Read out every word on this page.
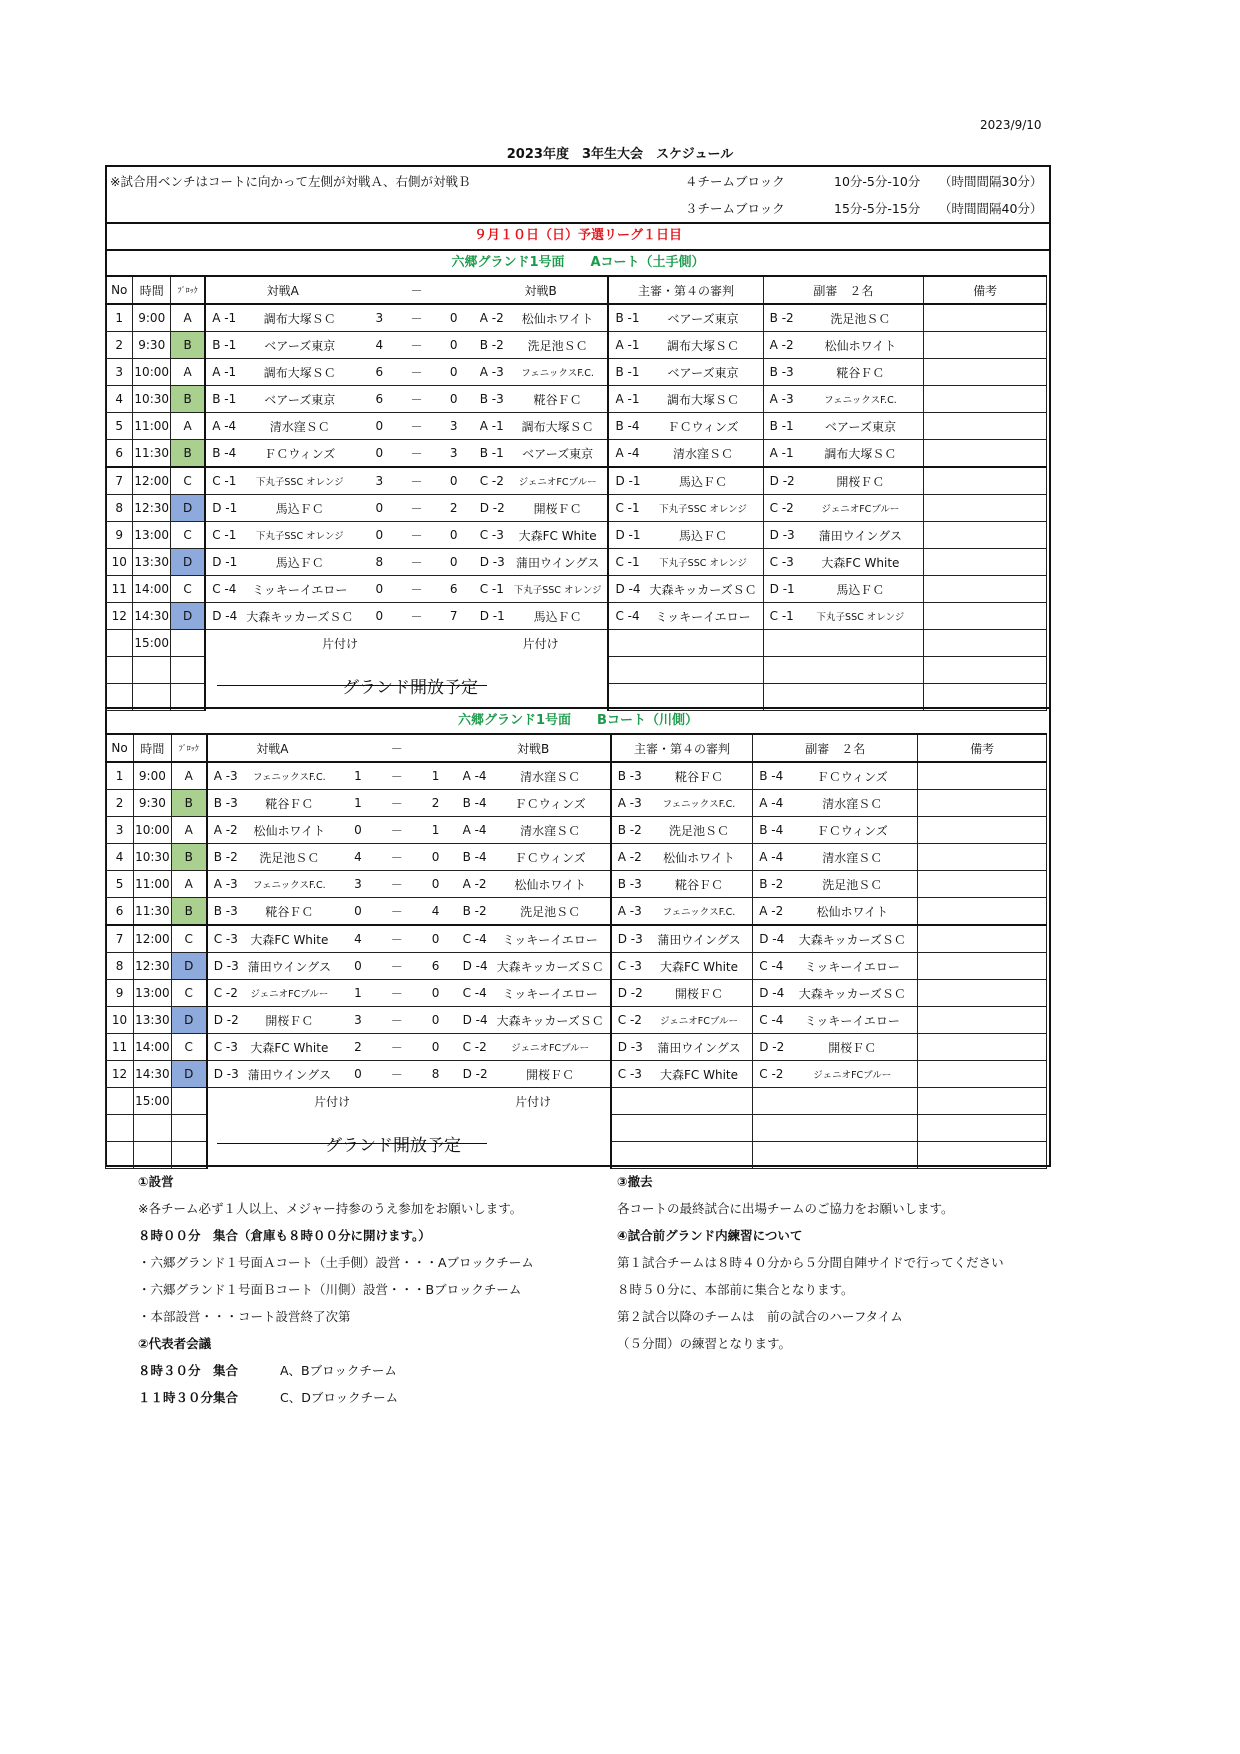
2023/9/10
2023年度　3年生大会　スケジュール
※試合用ベンチはコートに向かって左側が対戦Ａ、右側が対戦Ｂ	４チームブロック	10分-5分-10分 （時間間隔30分）
３チームブロック	15分-5分-15分 （時間間隔40分）
９月１０日（日）予選リーグ１日目
六郷グランド1号面　　Aコート（土手側）
No	時間	ﾌﾞﾛｯｸ	対戦A		－		対戦B	主審・第４の審判	副審　２名	備考
1	9:00	A	A -1 調布大塚ＳＣ	3	－	0	A -2 松仙ホワイト	B -1 ベアーズ東京	B -2 洗足池ＳＣ	

2	9:30	B	B -1 ベアーズ東京	4	－	0	B -2 洗足池ＳＣ	A -1 調布大塚ＳＣ	A -2 松仙ホワイト	

3	10:00	A	A -1 調布大塚ＳＣ	6	－	0	A -3 フェニックスF.C.	B -1 ベアーズ東京	B -3 糀谷ＦＣ	

4	10:30	B	B -1 ベアーズ東京	6	－	0	B -3 糀谷ＦＣ	A -1 調布大塚ＳＣ	A -3 フェニックスF.C.	

5	11:00	A	A -4 清水窪ＳＣ	0	－	3	A -1 調布大塚ＳＣ	B -4 ＦＣウィンズ	B -1 ベアーズ東京	

6	11:30	B	B -4 ＦＣウィンズ	0	－	3	B -1 ベアーズ東京	A -4 清水窪ＳＣ	A -1 調布大塚ＳＣ	

7	12:00	C	C -1 下丸子SSC オレンジ	3	－	0	C -2 ジェニオFCブルー	D -1 馬込ＦＣ	D -2 開桜ＦＣ	

8	12:30	D	D -1 馬込ＦＣ	0	－	2	D -2 開桜ＦＣ	C -1 下丸子SSC オレンジ	C -2 ジェニオFCブルー	

9	13:00	C	C -1 下丸子SSC オレンジ	0	－	0	C -3 大森FC White	D -1 馬込ＦＣ	D -3 蒲田ウイングス	

10	13:30	D	D -1 馬込ＦＣ	8	－	0	D -3 蒲田ウイングス	C -1 下丸子SSC オレンジ	C -3 大森FC White	

11	14:00	C	C -4 ミッキーイエロー	0	－	6	C -1 下丸子SSC オレンジ	D -4 大森キッカーズＳＣ	D -1 馬込ＦＣ	

12	14:30	D	D -4 大森キッカーズＳＣ	0	－	7	D -1 馬込ＦＣ	C -4 ミッキーイエロー	C -1 下丸子SSC オレンジ	

	15:00		片付け				片付け			

グランド開放予定
六郷グランド1号面　　Bコート（川側）
No	時間	ﾌﾞﾛｯｸ	対戦A		－		対戦B	主審・第４の審判	副審　２名	備考
1	9:00	A	A -3 フェニックスF.C.	1	－	1	A -4 清水窪ＳＣ	B -3 糀谷ＦＣ	B -4 ＦＣウィンズ	

2	9:30	B	B -3 糀谷ＦＣ	1	－	2	B -4 ＦＣウィンズ	A -3 フェニックスF.C.	A -4 清水窪ＳＣ	

3	10:00	A	A -2 松仙ホワイト	0	－	1	A -4 清水窪ＳＣ	B -2 洗足池ＳＣ	B -4 ＦＣウィンズ	

4	10:30	B	B -2 洗足池ＳＣ	4	－	0	B -4 ＦＣウィンズ	A -2 松仙ホワイト	A -4 清水窪ＳＣ	

5	11:00	A	A -3 フェニックスF.C.	3	－	0	A -2 松仙ホワイト	B -3 糀谷ＦＣ	B -2 洗足池ＳＣ	

6	11:30	B	B -3 糀谷ＦＣ	0	－	4	B -2 洗足池ＳＣ	A -3 フェニックスF.C.	A -2 松仙ホワイト	

7	12:00	C	C -3 大森FC White	4	－	0	C -4 ミッキーイエロー	D -3 蒲田ウイングス	D -4 大森キッカーズＳＣ	

8	12:30	D	D -3 蒲田ウイングス	0	－	6	D -4 大森キッカーズＳＣ	C -3 大森FC White	C -4 ミッキーイエロー	

9	13:00	C	C -2 ジェニオFCブルー	1	－	0	C -4 ミッキーイエロー	D -2 開桜ＦＣ	D -4 大森キッカーズＳＣ	

10	13:30	D	D -2 開桜ＦＣ	3	－	0	D -4 大森キッカーズＳＣ	C -2 ジェニオFCブルー	C -4 ミッキーイエロー	

11	14:00	C	C -3 大森FC White	2	－	0	C -2 ジェニオFCブルー	D -3 蒲田ウイングス	D -2 開桜ＦＣ	

12	14:30	D	D -3 蒲田ウイングス	0	－	8	D -2 開桜ＦＣ	C -3 大森FC White	C -2 ジェニオFCブルー	

	15:00		片付け				片付け			

グランド開放予定
①設営
※各チーム必ず１人以上、メジャー持参のうえ参加をお願いします。
８時００分　集合（倉庫も８時００分に開けます。）
・六郷グランド１号面Ａコート（土手側）設営・・・Aブロックチーム
・六郷グランド１号面Ｂコート（川側）設営・・・Bブロックチーム
・本部設営・・・コート設営終了次第
②代表者会議
８時３０分　集合	A、Bブロックチーム
１１時３０分集合	C、Dブロックチーム
③撤去
各コートの最終試合に出場チームのご協力をお願いします。
④試合前グランド内練習について
第１試合チームは８時４０分から５分間自陣サイドで行ってください
８時５０分に、本部前に集合となります。
第２試合以降のチームは　前の試合のハーフタイム
（５分間）の練習となります。
